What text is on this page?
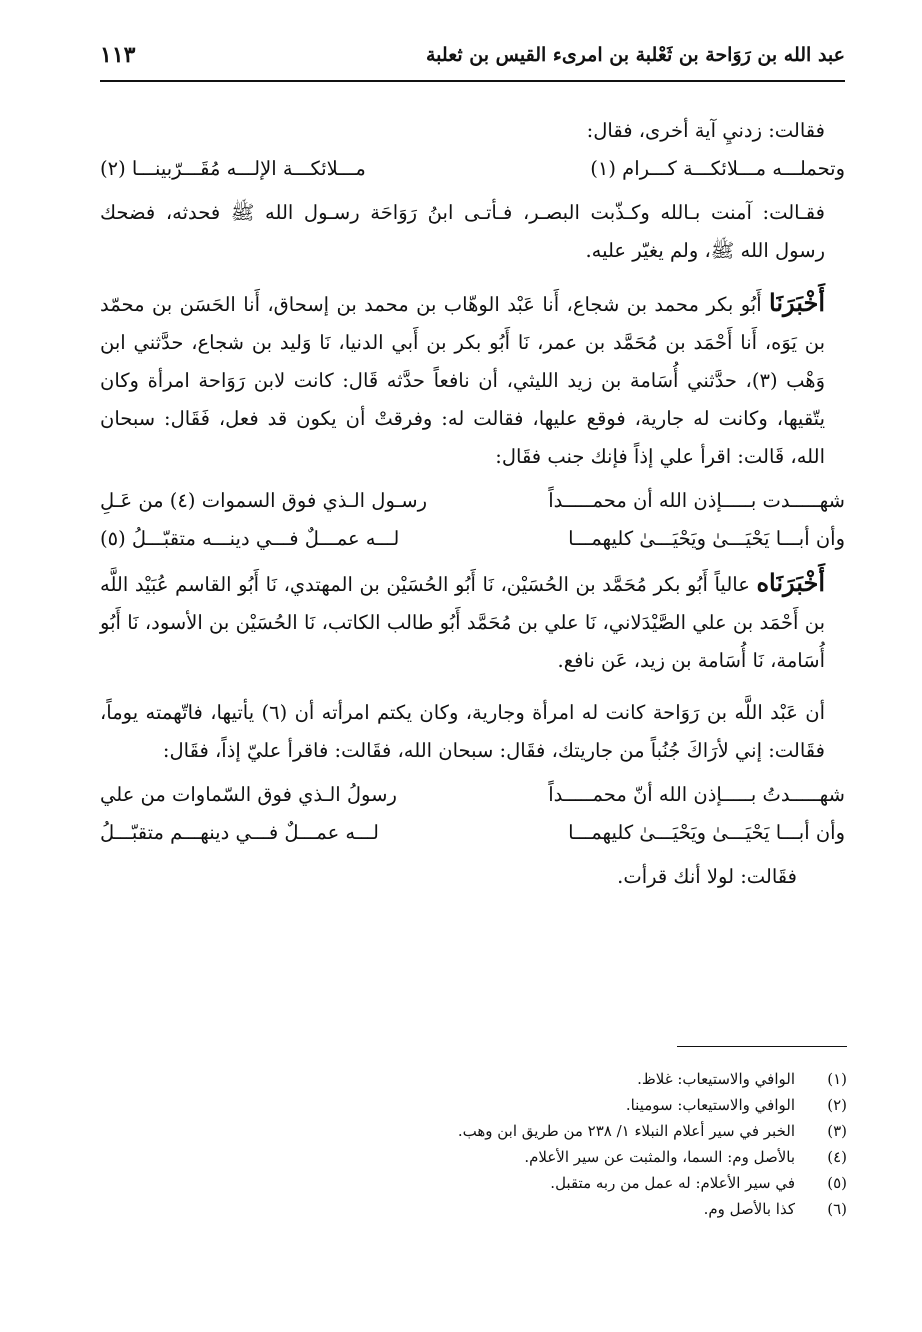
عبد الله بن رَوَاحة بن ثَعْلبة بن امرىء القيس بن ثعلبة
١١٣

فقالت: زدنيِ آية أخرى، فقال:

وتحملـــه مـــلائكـــة كـــرام (١)
مـــلائكـــة الإلـــه مُقَـــرّبينـــا (٢)

فقـالت: آمنت بـالله وكـذّبت البصـر، فـأتـى ابنُ رَوَاحَة رسـول الله ﷺ فحدثه، فضحك رسول الله ﷺ، ولم يغيّر عليه.

أَخْبَرَنَا أَبُو بكر محمد بن شجاع، أَنا عَبْد الوهّاب بن محمد بن إسحاق، أَنا الحَسَن بن محمّد بن يَوَه، أَنا أَحْمَد بن مُحَمَّد بن عمر، نَا أَبُو بكر بن أَبي الدنيا، نَا وَليد بن شجاع، حدَّثني ابن وَهْب (٣)، حدَّثني أُسَامة بن زيد الليثي، أن نافعاً حدَّثه قَال: كانت لابن رَوَاحة امرأة وكان يتّقيها، وكانت له جارية، فوقع عليها، فقالت له: وفرقتْ أن يكون قد فعل، فَقَال: سبحان الله، قَالت: اقرأ علي إذاً فإنك جنب فقَال:

شهـــــدت بـــــإذن الله أن محمـــــداً
رسـول الـذي فوق السموات (٤) من عَـلِ
وأن أبـــا يَحْيَـــىٰ ويَحْيَـــىٰ كليهمـــا
لـــه عمـــلٌ فـــي دينـــه متقبّـــلُ (٥)

أَخْبَرَنَاه عالياً أَبُو بكر مُحَمَّد بن الحُسَيْن، نَا أَبُو الحُسَيْن بن المهتدي، نَا أَبُو القاسم عُبَيْد اللَّه بن أَحْمَد بن علي الصَّيْدَلاني، نَا علي بن مُحَمَّد أَبُو طالب الكاتب، نَا الحُسَيْن بن الأسود، نَا أَبُو أُسَامة، نَا أُسَامة بن زيد، عَن نافع.

أن عَبْد اللَّه بن رَوَاحة كانت له امرأة وجارية، وكان يكتم امرأته أن (٦) يأتيها، فاتّهمته يوماً، فقَالت: إني لأرَاكَ جُنُباً من جاريتك، فقَال: سبحان الله، فقَالت: فاقرأ عليّ إذاً، فقَال:

شهـــــدتُ بـــــإذن الله أنّ محمـــــداً
رسولُ الـذي فوق السّماوات من علي
وأن أبـــا يَحْيَـــىٰ ويَحْيَـــىٰ كليهمـــا
لـــه عمـــلٌ فـــي دينهـــم متقبّـــلُ

فقَالت: لولا أنك قرأت.

(١)
الوافي والاستيعاب: غلاظ.
(٢)
الوافي والاستيعاب: سومينا.
(٣)
الخبر في سير أعلام النبلاء ١/ ٢٣٨ من طريق ابن وهب.
(٤)
بالأصل وم: السما، والمثبت عن سير الأعلام.
(٥)
في سير الأعلام: له عمل من ربه متقبل.
(٦)
كذا بالأصل وم.
